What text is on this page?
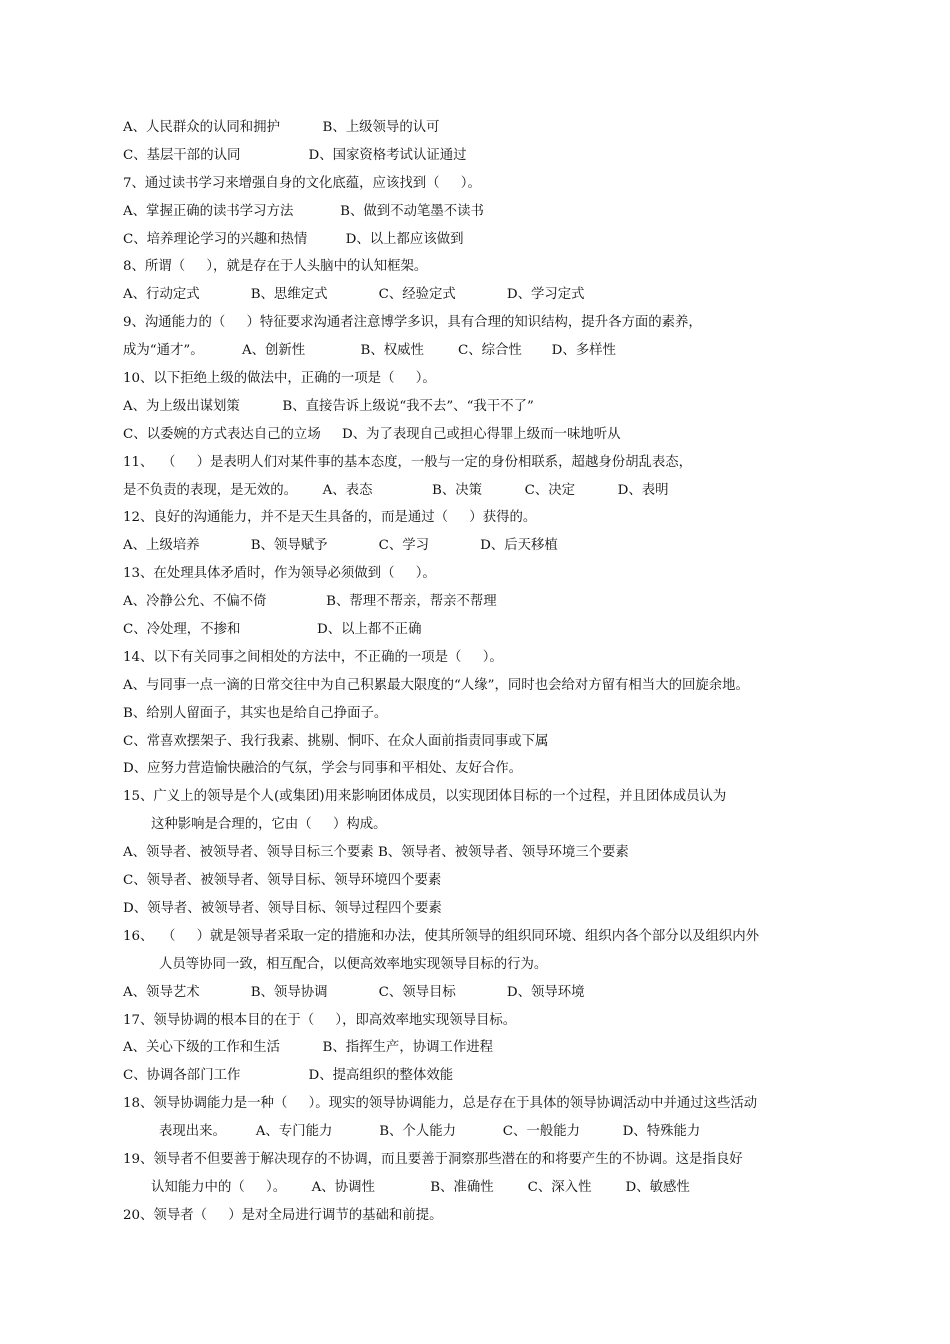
A、人民群众的认同和拥护          B、上级领导的认可
C、基层干部的认同                D、国家资格考试认证通过
7、通过读书学习来增强自身的文化底蕴，应该找到（     ）。
A、掌握正确的读书学习方法           B、做到不动笔墨不读书
C、培养理论学习的兴趣和热情         D、以上都应该做到
8、所谓（     ），就是存在于人头脑中的认知框架。
A、行动定式            B、思维定式            C、经验定式            D、学习定式
9、沟通能力的（     ）特征要求沟通者注意博学多识，具有合理的知识结构，提升各方面的素养，
成为“通才”。         A、创新性             B、权威性        C、综合性       D、多样性
10、以下拒绝上级的做法中，正确的一项是（     ）。
A、为上级出谋划策          B、直接告诉上级说“我不去”、“我干不了”
C、以委婉的方式表达自己的立场     D、为了表现自己或担心得罪上级而一味地听从
11、  （     ）是表明人们对某件事的基本态度，一般与一定的身份相联系，超越身份胡乱表态，
是不负责的表现，是无效的。      A、表态              B、决策          C、决定          D、表明
12、良好的沟通能力，并不是天生具备的，而是通过（     ）获得的。
A、上级培养            B、领导赋予            C、学习            D、后天移植
13、在处理具体矛盾时，作为领导必须做到（     ）。
A、冷静公允、不偏不倚              B、帮理不帮亲，帮亲不帮理
C、冷处理，不掺和                  D、以上都不正确
14、以下有关同事之间相处的方法中，不正确的一项是（     ）。
A、与同事一点一滴的日常交往中为自己积累最大限度的“人缘”，同时也会给对方留有相当大的回旋余地。
B、给别人留面子，其实也是给自己挣面子。
C、常喜欢摆架子、我行我素、挑剔、恫吓、在众人面前指责同事或下属
D、应努力营造愉快融洽的气氛，学会与同事和平相处、友好合作。
15、广义上的领导是个人(或集团)用来影响团体成员，以实现团体目标的一个过程，并且团体成员认为
这种影响是合理的，它由（     ）构成。
A、领导者、被领导者、领导目标三个要素 B、领导者、被领导者、领导环境三个要素
C、领导者、被领导者、领导目标、领导环境四个要素
D、领导者、被领导者、领导目标、领导过程四个要素
16、  （     ）就是领导者采取一定的措施和办法，使其所领导的组织同环境、组织内各个部分以及组织内外
人员等协同一致，相互配合，以便高效率地实现领导目标的行为。
A、领导艺术            B、领导协调            C、领导目标            D、领导环境
17、领导协调的根本目的在于（     ），即高效率地实现领导目标。
A、关心下级的工作和生活          B、指挥生产，协调工作进程
C、协调各部门工作                D、提高组织的整体效能
18、领导协调能力是一种（     ）。现实的领导协调能力，总是存在于具体的领导协调活动中并通过这些活动
表现出来。       A、专门能力           B、个人能力           C、一般能力          D、特殊能力
19、领导者不但要善于解决现存的不协调，而且要善于洞察那些潜在的和将要产生的不协调。这是指良好
认知能力中的（     ）。      A、协调性             B、准确性        C、深入性        D、敏感性
20、领导者（     ）是对全局进行调节的基础和前提。
